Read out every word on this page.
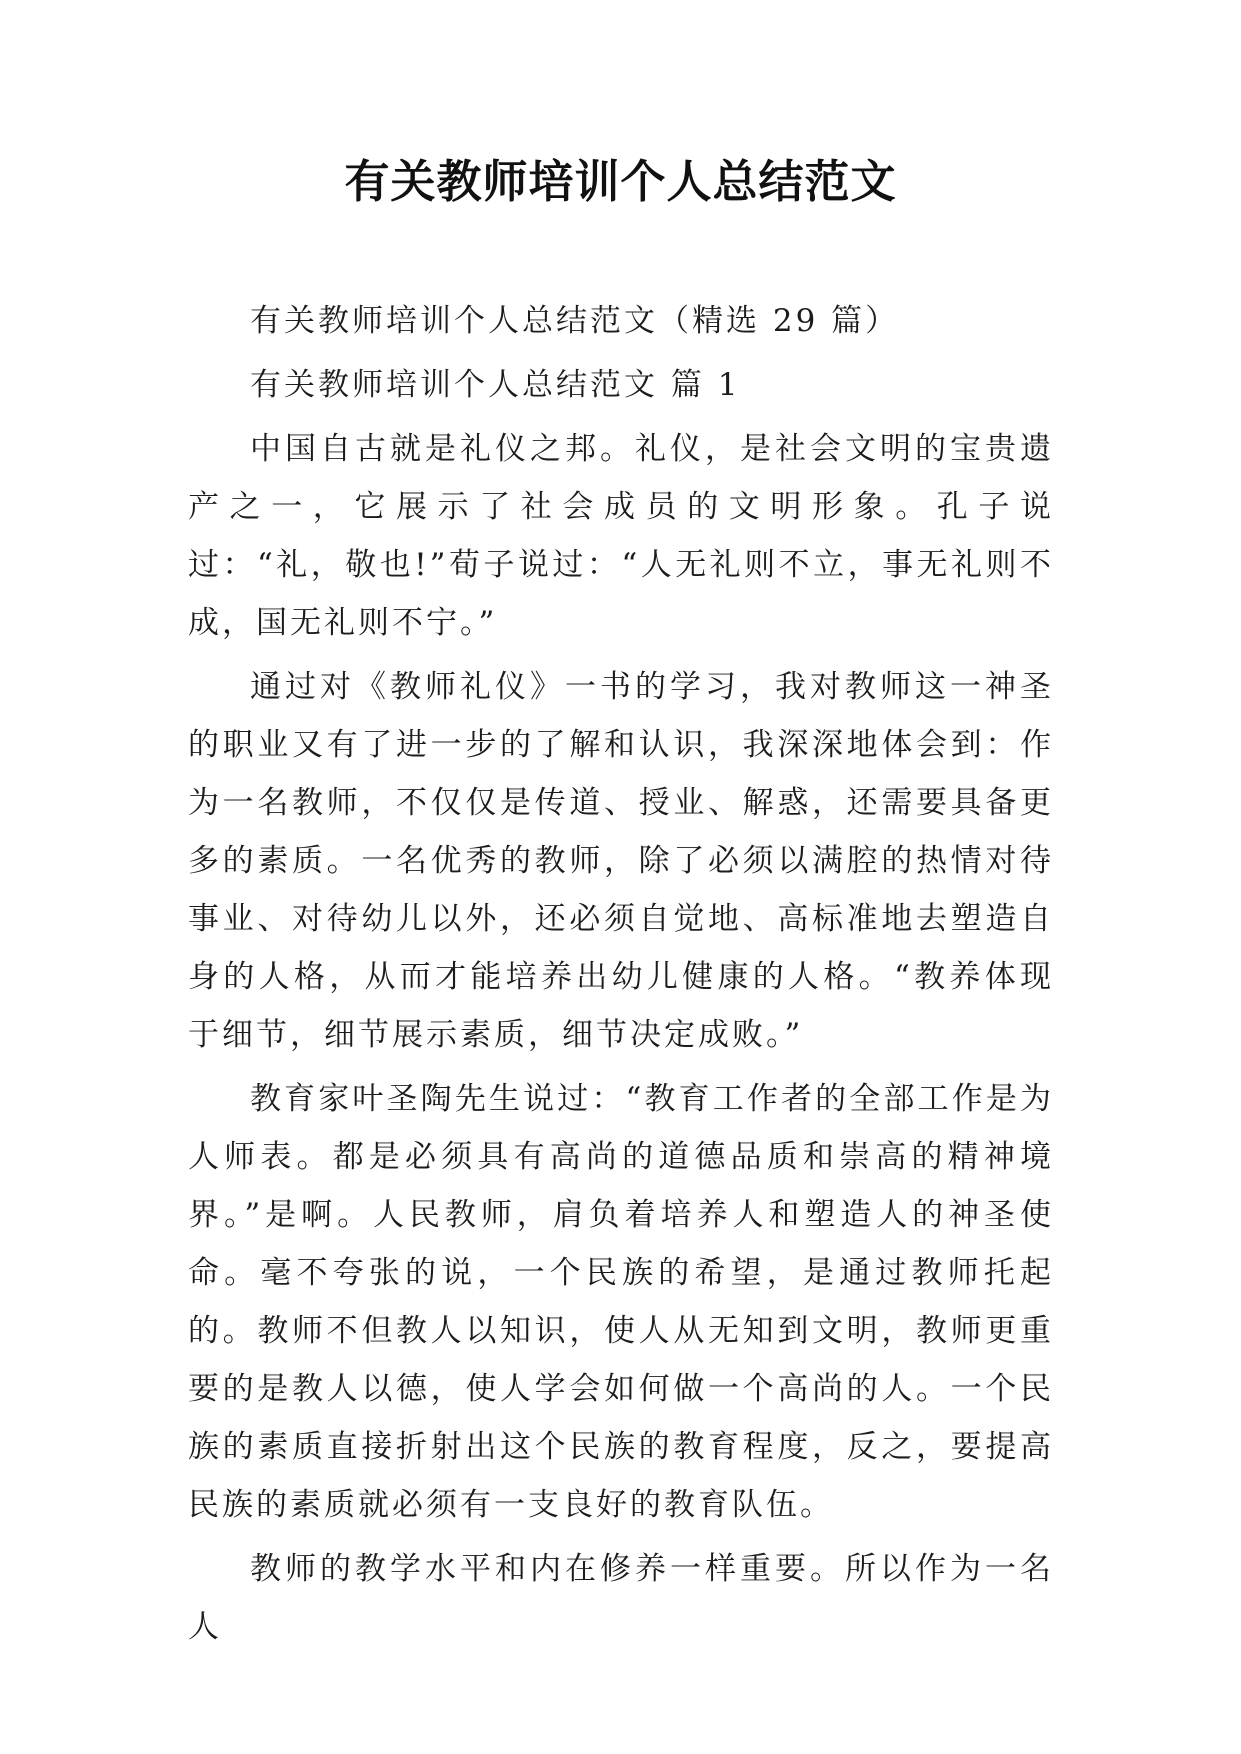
有关教师培训个人总结范文

有关教师培训个人总结范文（精选 29 篇）

有关教师培训个人总结范文 篇 1

中国自古就是礼仪之邦。礼仪，是社会文明的宝贵遗产之一，它展示了社会成员的文明形象。孔子说过：“礼，敬也!”荀子说过：“人无礼则不立，事无礼则不成，国无礼则不宁。”

通过对《教师礼仪》一书的学习，我对教师这一神圣的职业又有了进一步的了解和认识，我深深地体会到：作为一名教师，不仅仅是传道、授业、解惑，还需要具备更多的素质。一名优秀的教师，除了必须以满腔的热情对待事业、对待幼儿以外，还必须自觉地、高标准地去塑造自身的人格，从而才能培养出幼儿健康的人格。“教养体现于细节，细节展示素质，细节决定成败。”

教育家叶圣陶先生说过：“教育工作者的全部工作是为人师表。都是必须具有高尚的道德品质和崇高的精神境界。”是啊。人民教师，肩负着培养人和塑造人的神圣使命。毫不夸张的说，一个民族的希望，是通过教师托起的。教师不但教人以知识，使人从无知到文明，教师更重要的是教人以德，使人学会如何做一个高尚的人。一个民族的素质直接折射出这个民族的教育程度，反之，要提高民族的素质就必须有一支良好的教育队伍。

教师的教学水平和内在修养一样重要。所以作为一名人
